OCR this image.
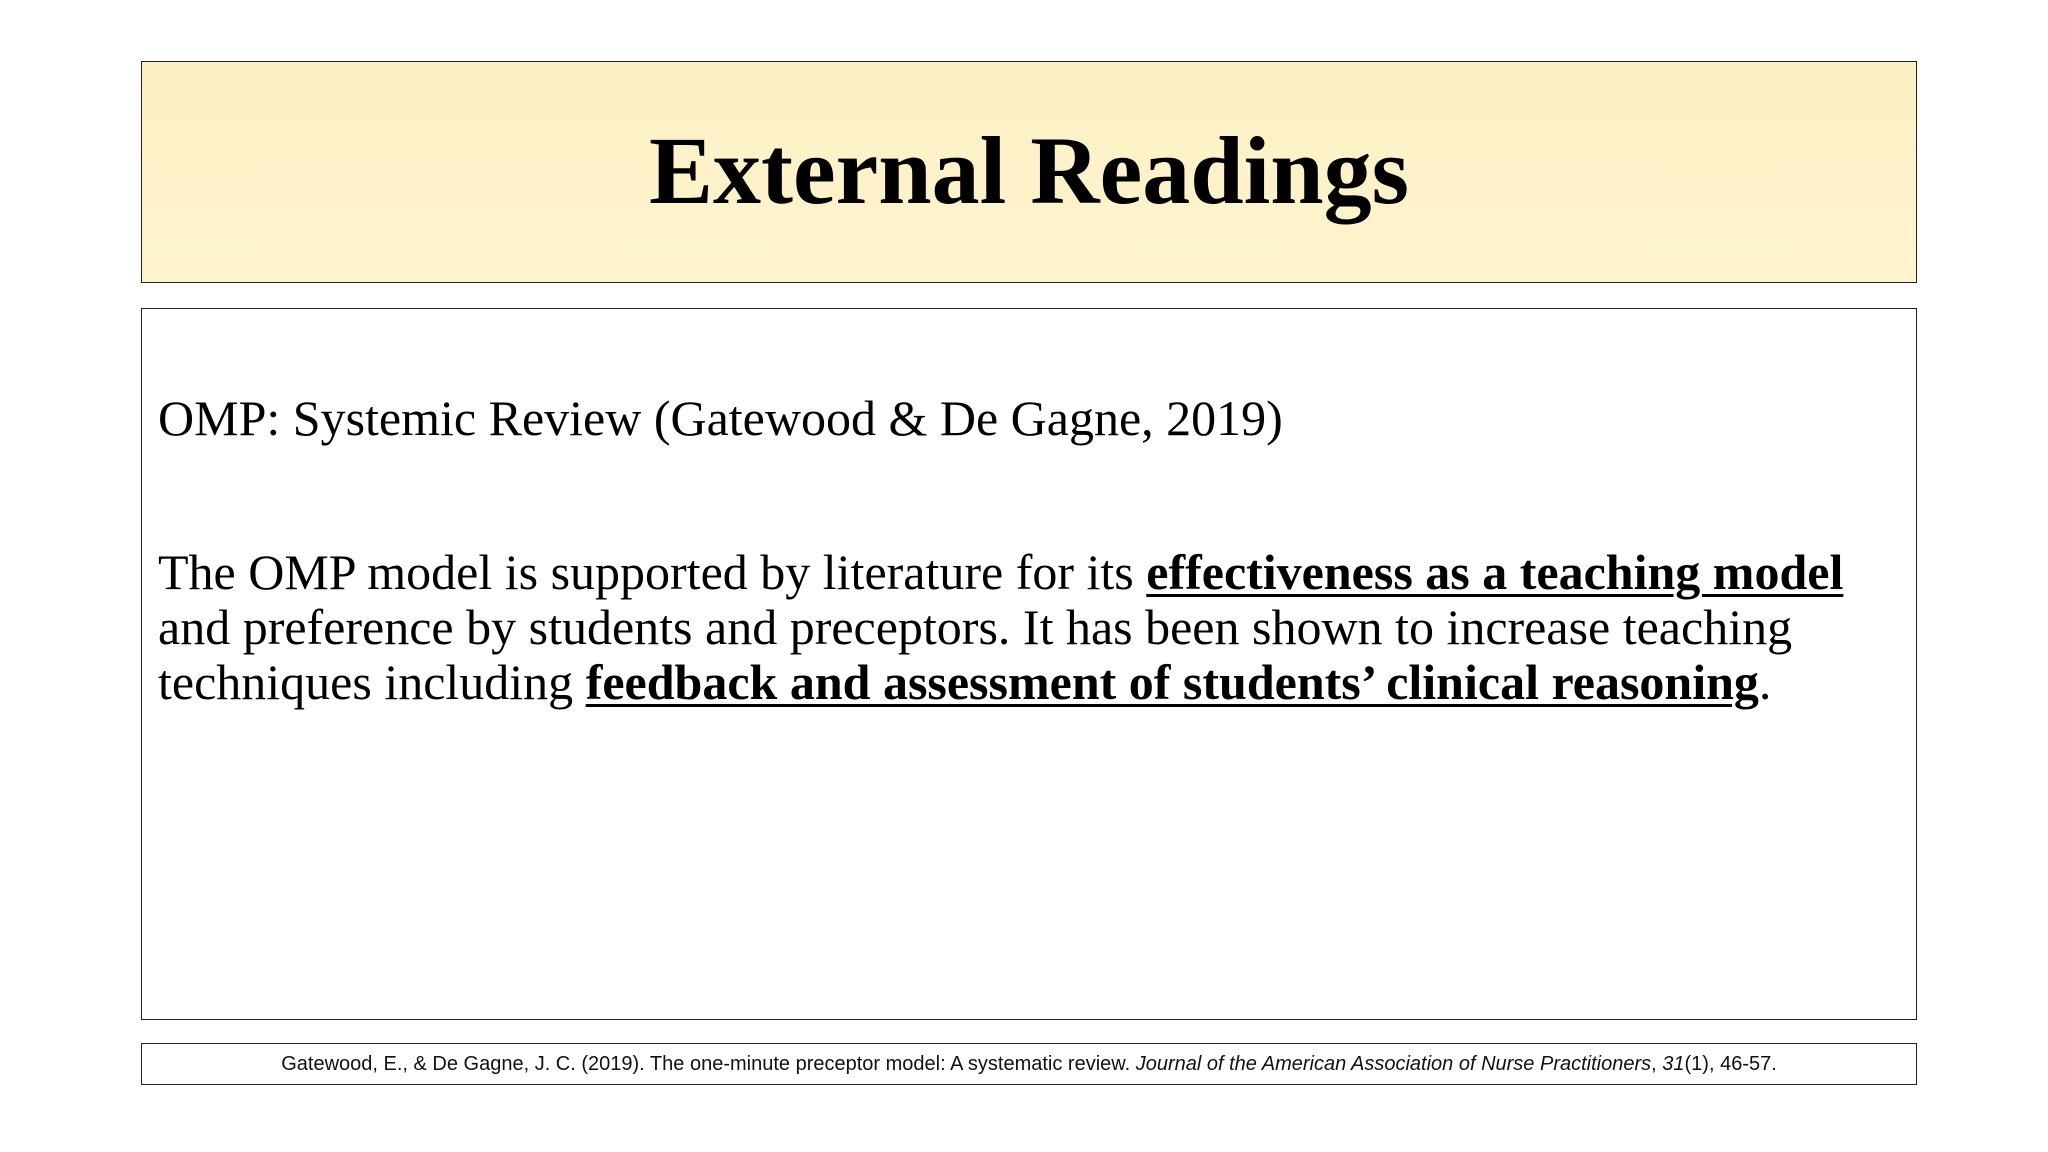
External Readings

OMP: Systemic Review (Gatewood & De Gagne, 2019)

The OMP model is supported by literature for its effectiveness as a teaching model and preference by students and preceptors. It has been shown to increase teaching techniques including feedback and assessment of students’ clinical reasoning.

Gatewood, E., & De Gagne, J. C. (2019). The one-minute preceptor model: A systematic review. Journal of the American Association of Nurse Practitioners, 31(1), 46-57.
